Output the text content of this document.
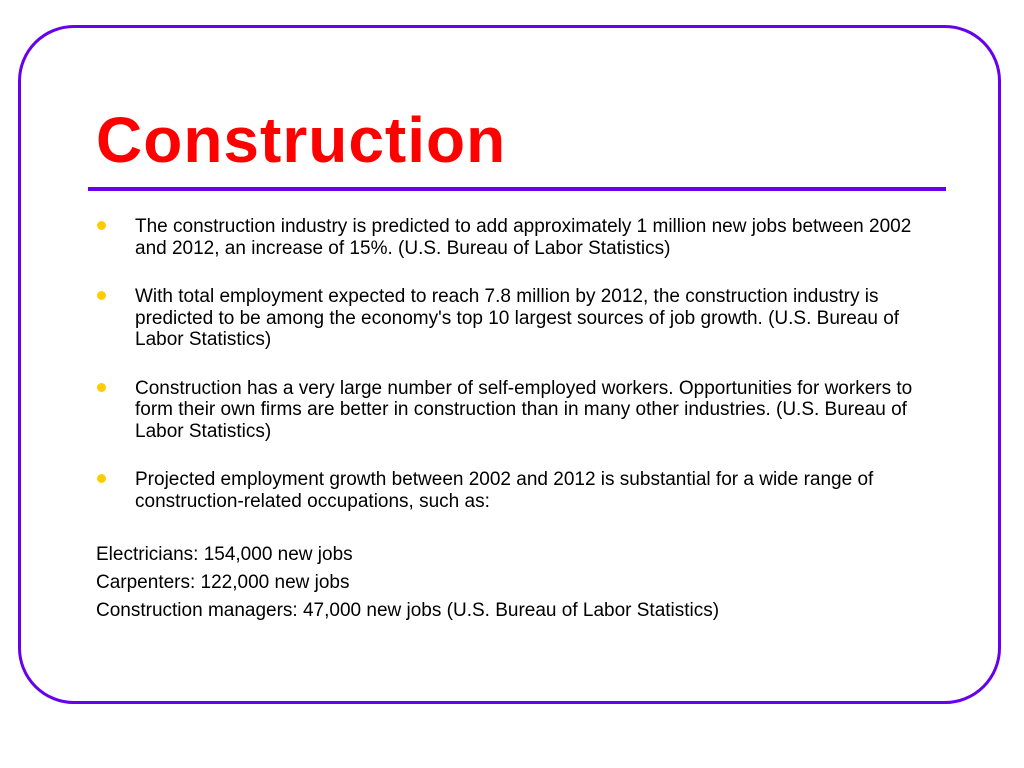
Construction
The construction industry is predicted to add approximately 1 million new jobs between 2002 and 2012, an increase of 15%. (U.S. Bureau of Labor Statistics)
With total employment expected to reach 7.8 million by 2012, the construction industry is predicted to be among the economy's top 10 largest sources of job growth. (U.S. Bureau of Labor Statistics)
Construction has a very large number of self-employed workers. Opportunities for workers to form their own firms are better in construction than in many other industries. (U.S. Bureau of Labor Statistics)
Projected employment growth between 2002 and 2012 is substantial for a wide range of construction-related occupations, such as:
Electricians: 154,000 new jobs
Carpenters: 122,000 new jobs
Construction managers: 47,000 new jobs (U.S. Bureau of Labor Statistics)
